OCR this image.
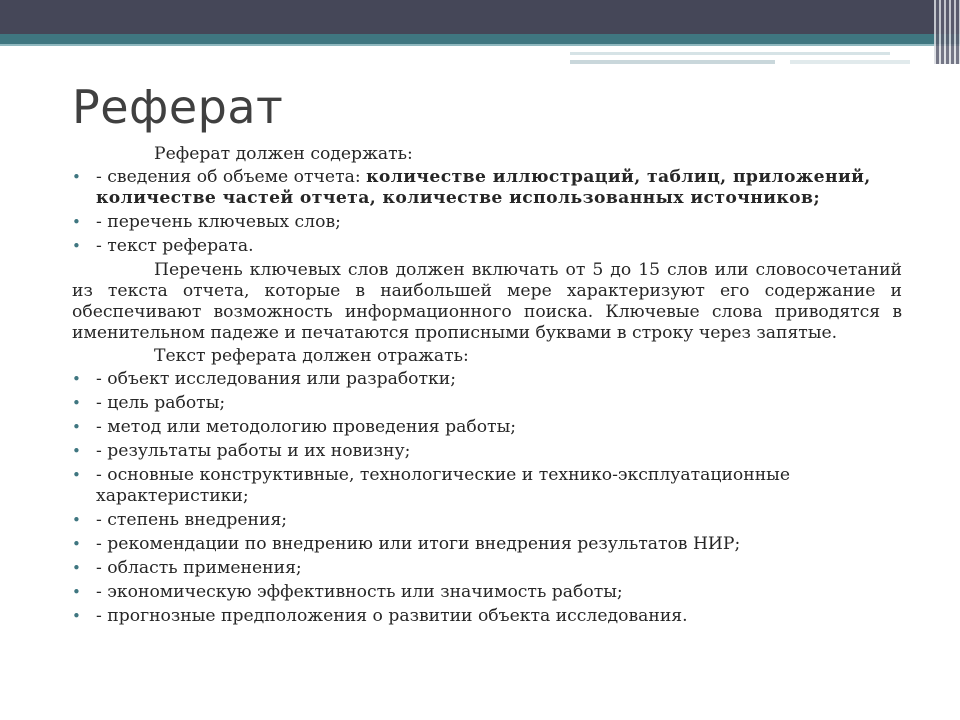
Реферат

Реферат должен содержать:

• - сведения об объеме отчета: количестве иллюстраций, таблиц, приложений, количестве частей отчета, количестве использованных источников;
• - перечень ключевых слов;
• - текст реферата.

Перечень ключевых слов должен включать от 5 до 15 слов или словосочетаний из текста отчета, которые в наибольшей мере характеризуют его содержание и обеспечивают возможность информационного поиска. Ключевые слова приводятся в именительном падеже и печатаются прописными буквами в строку через запятые.

Текст реферата должен отражать:

• - объект исследования или разработки;
• - цель работы;
• - метод или методологию проведения работы;
• - результаты работы и их новизну;
• - основные конструктивные, технологические и технико-эксплуатационные характеристики;
• - степень внедрения;
• - рекомендации по внедрению или итоги внедрения результатов НИР;
• - область применения;
• - экономическую эффективность или значимость работы;
• - прогнозные предположения о развитии объекта исследования.
